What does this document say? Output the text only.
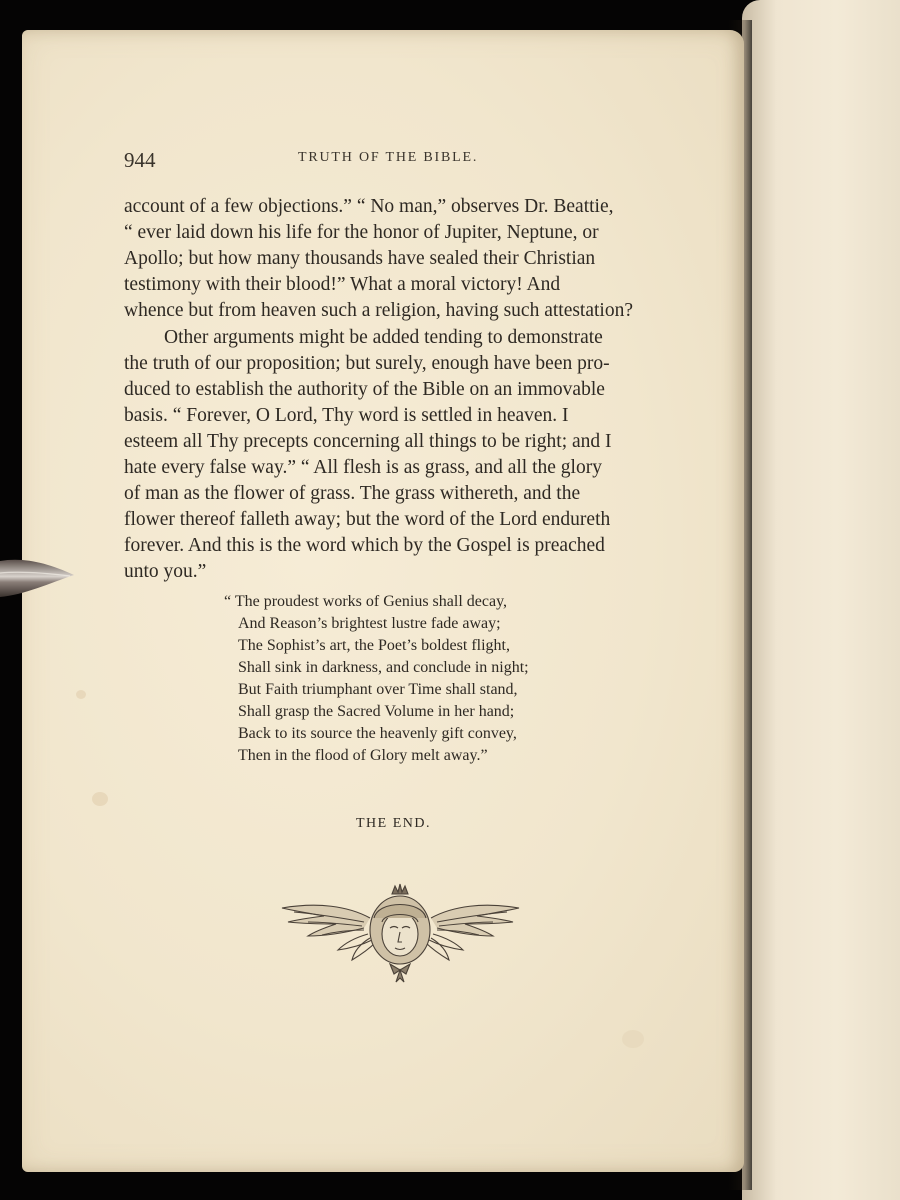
944	TRUTH OF THE BIBLE.
account of a few objections.” “ No man,” observes Dr. Beattie,
“ ever laid down his life for the honor of Jupiter, Neptune, or
Apollo; but how many thousands have sealed their Christian
testimony with their blood!” What a moral victory! And
whence but from heaven such a religion, having such attestation?
Other arguments might be added tending to demonstrate
the truth of our proposition; but surely, enough have been pro-
duced to establish the authority of the Bible on an immovable
basis. “ Forever, O Lord, Thy word is settled in heaven. I
esteem all Thy precepts concerning all things to be right; and I
hate every false way.” “ All flesh is as grass, and all the glory
of man as the flower of grass. The grass withereth, and the
flower thereof falleth away; but the word of the Lord endureth
forever. And this is the word which by the Gospel is preached
unto you.”
“ The proudest works of Genius shall decay,
And Reason’s brightest lustre fade away;
The Sophist’s art, the Poet’s boldest flight,
Shall sink in darkness, and conclude in night;
But Faith triumphant over Time shall stand,
Shall grasp the Sacred Volume in her hand;
Back to its source the heavenly gift convey,
Then in the flood of Glory melt away.”
THE END.
